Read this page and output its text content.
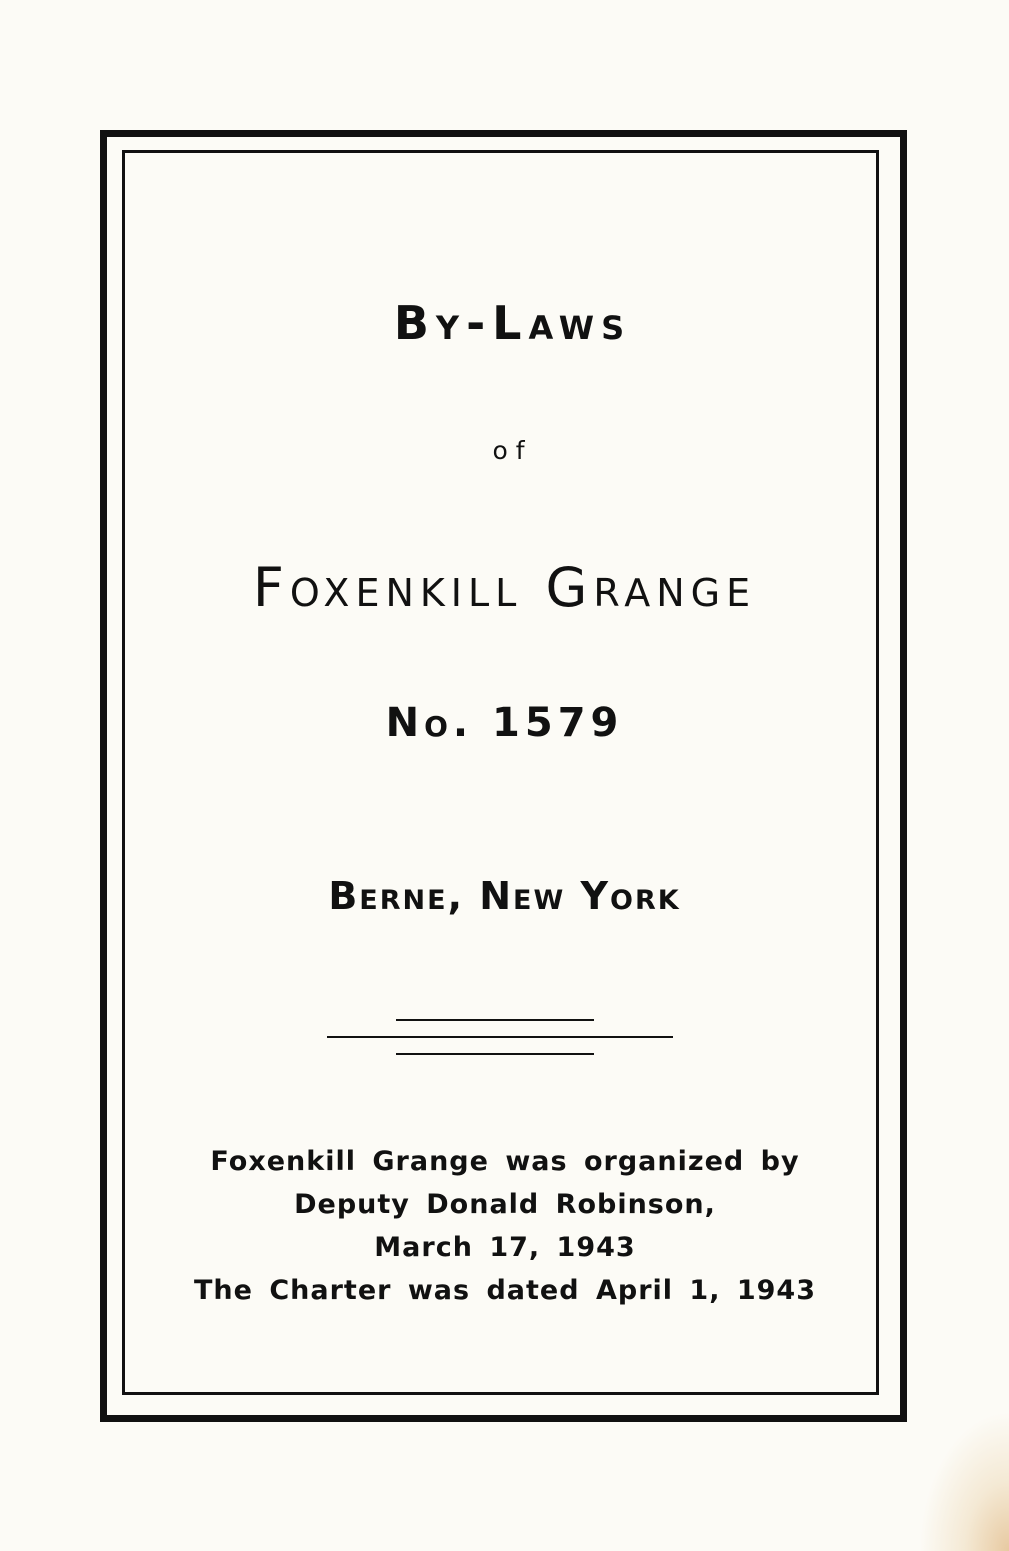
By-Laws
of
Foxenkill Grange
No. 1579
Berne, New York
Foxenkill Grange was organized by
Deputy Donald Robinson,
March 17, 1943
The Charter was dated April 1, 1943
